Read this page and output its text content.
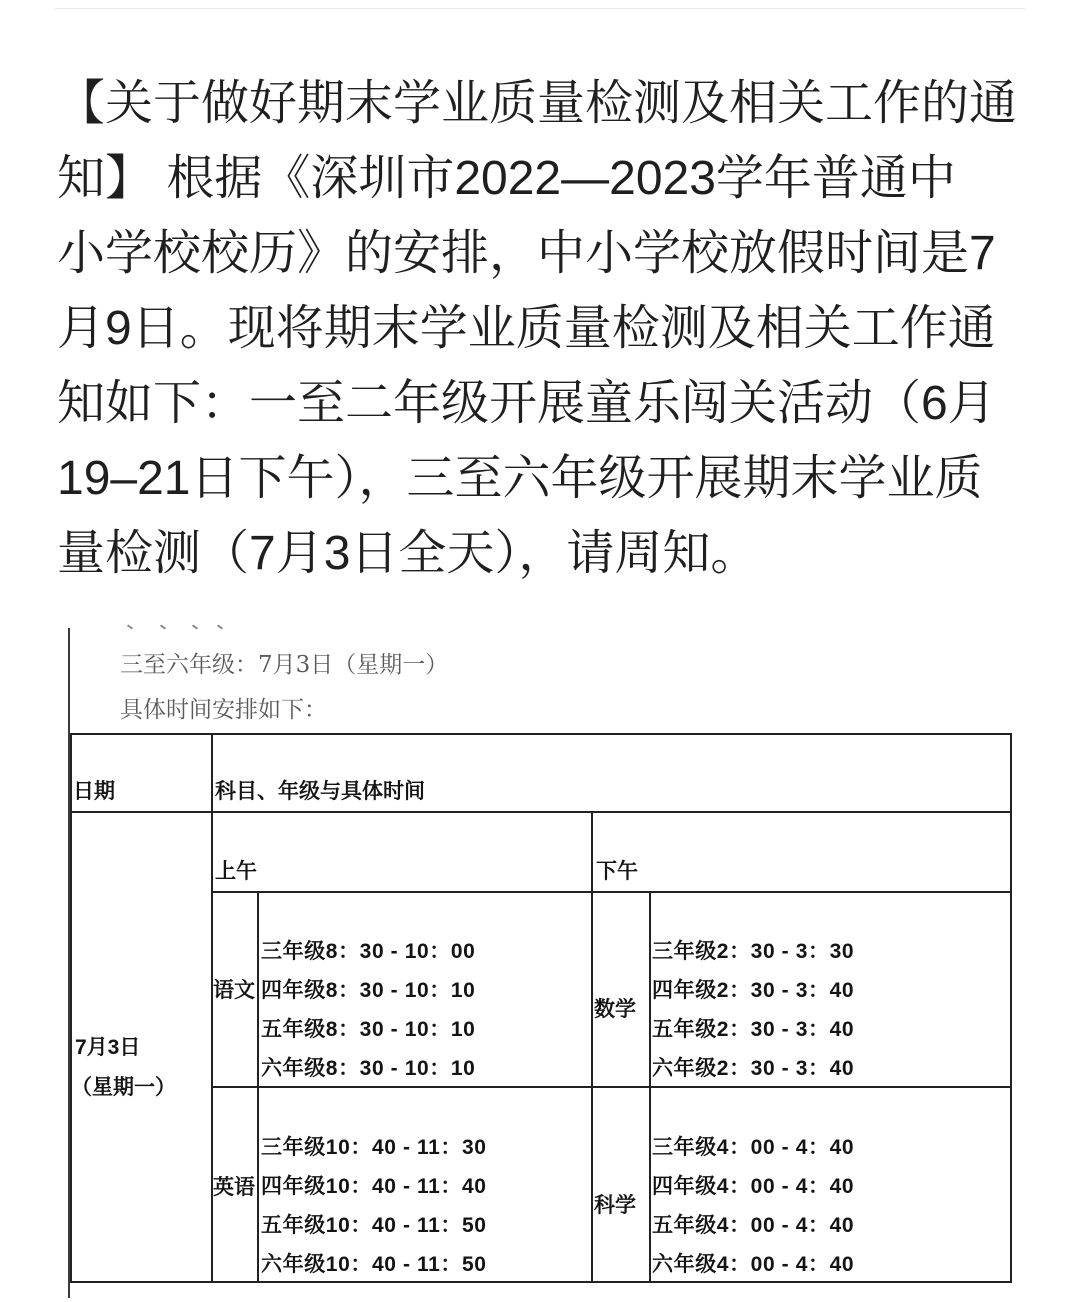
【关于做好期末学业质量检测及相关工作的通
知】 根据《深圳市2022—2023学年普通中
小学校校历》的安排，中小学校放假时间是7
月9日。现将期末学业质量检测及相关工作通
知如下：一至二年级开展童乐闯关活动（6月
19–21日下午），三至六年级开展期末学业质
量检测（7月3日全天），请周知。
三至六年级：7月3日（星期一）
具体时间安排如下：
日期	科目、年级与具体时间
上午	下午
7月3日
（星期一）
语文
三年级8：30 - 10：00
四年级8：30 - 10：10
五年级8：30 - 10：10
六年级8：30 - 10：10
英语
三年级10：40 - 11：30
四年级10：40 - 11：40
五年级10：40 - 11：50
六年级10：40 - 11：50
数学
三年级2：30 - 3：30
四年级2：30 - 3：40
五年级2：30 - 3：40
六年级2：30 - 3：40
科学
三年级4：00 - 4：40
四年级4：00 - 4：40
五年级4：00 - 4：40
六年级4：00 - 4：40
